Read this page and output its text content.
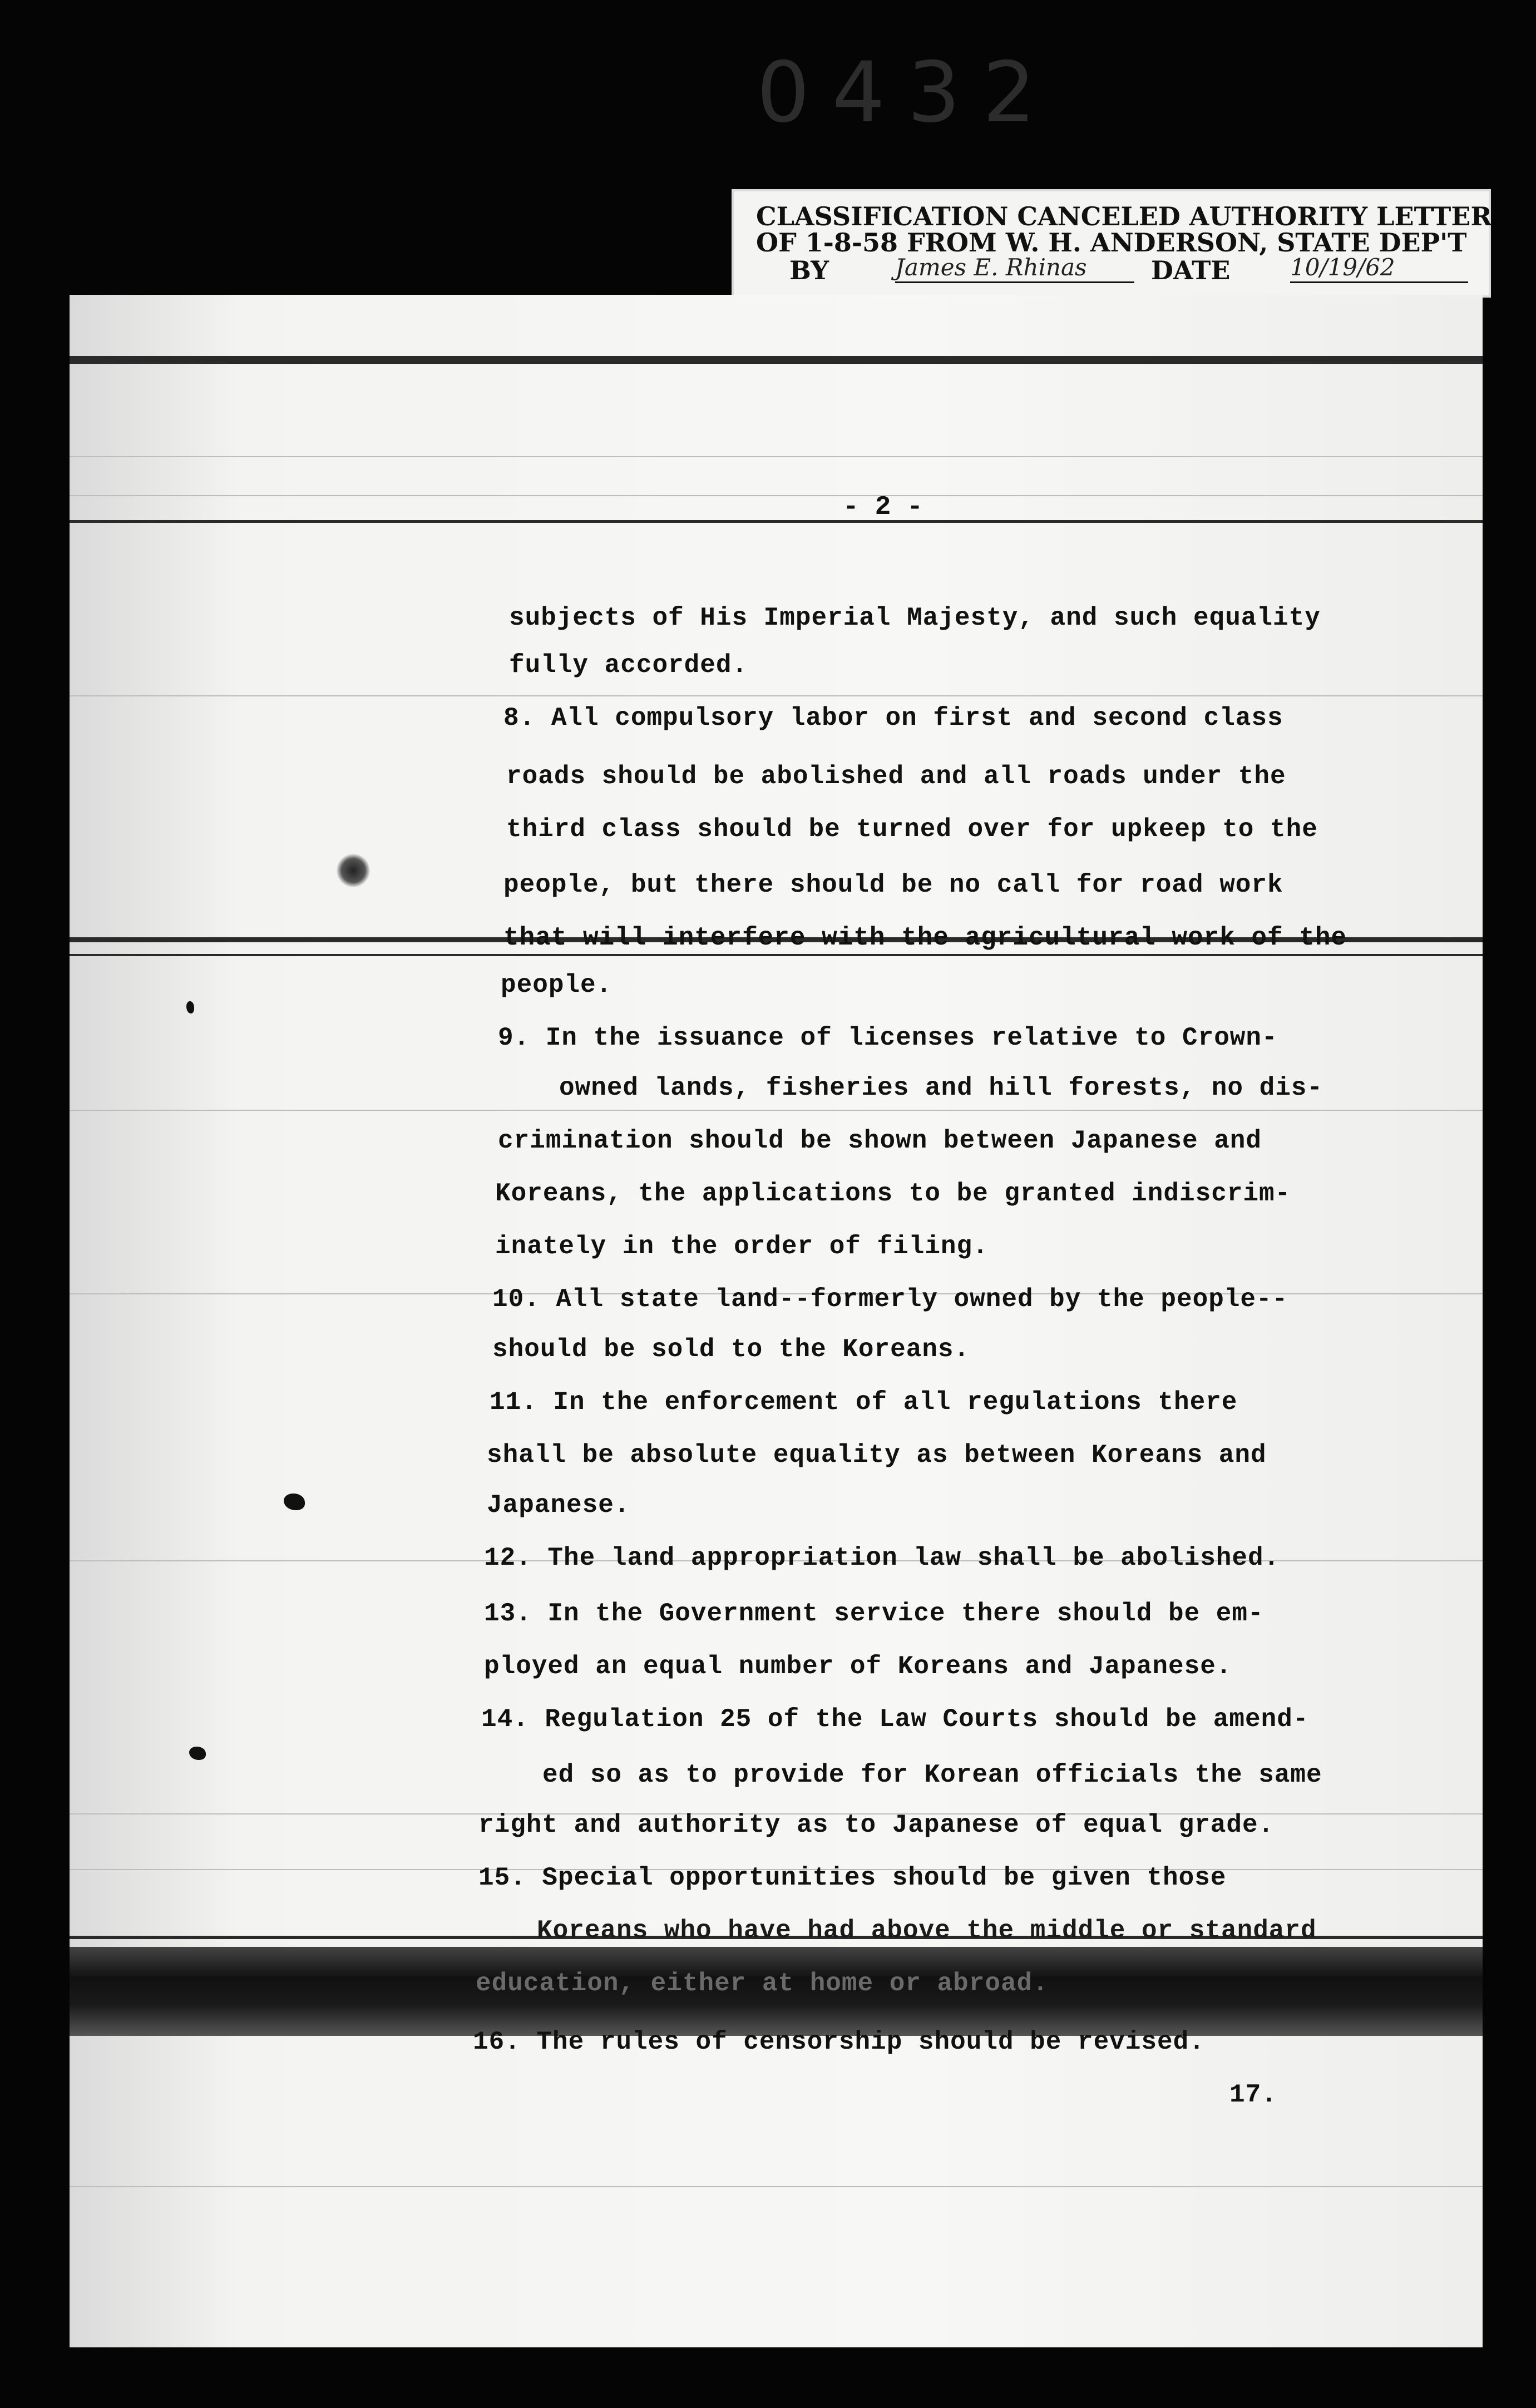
0432
CLASSIFICATION CANCELED AUTHORITY LETTER
OF 1-8-58 FROM W. H. ANDERSON, STATE DEP'T
BY	James E. Rhinas	DATE	10/19/62
- 2 -
subjects of His Imperial Majesty, and such equality
fully accorded.
8. All compulsory labor on first and second class
roads should be abolished and all roads under the
third class should be turned over for upkeep to the
people, but there should be no call for road work
that will interfere with the agricultural work of the
people.
9. In the issuance of licenses relative to Crown-
owned lands, fisheries and hill forests, no dis-
crimination should be shown between Japanese and
Koreans, the applications to be granted indiscrim-
inately in the order of filing.
10. All state land--formerly owned by the people--
should be sold to the Koreans.
11. In the enforcement of all regulations there
shall be absolute equality as between Koreans and
Japanese.
12. The land appropriation law shall be abolished.
13. In the Government service there should be em-
ployed an equal number of Koreans and Japanese.
14. Regulation 25 of the Law Courts should be amend-
ed so as to provide for Korean officials the same
right and authority as to Japanese of equal grade.
15. Special opportunities should be given those
Koreans who have had above the middle or standard
education, either at home or abroad.
16. The rules of censorship should be revised.
17.
